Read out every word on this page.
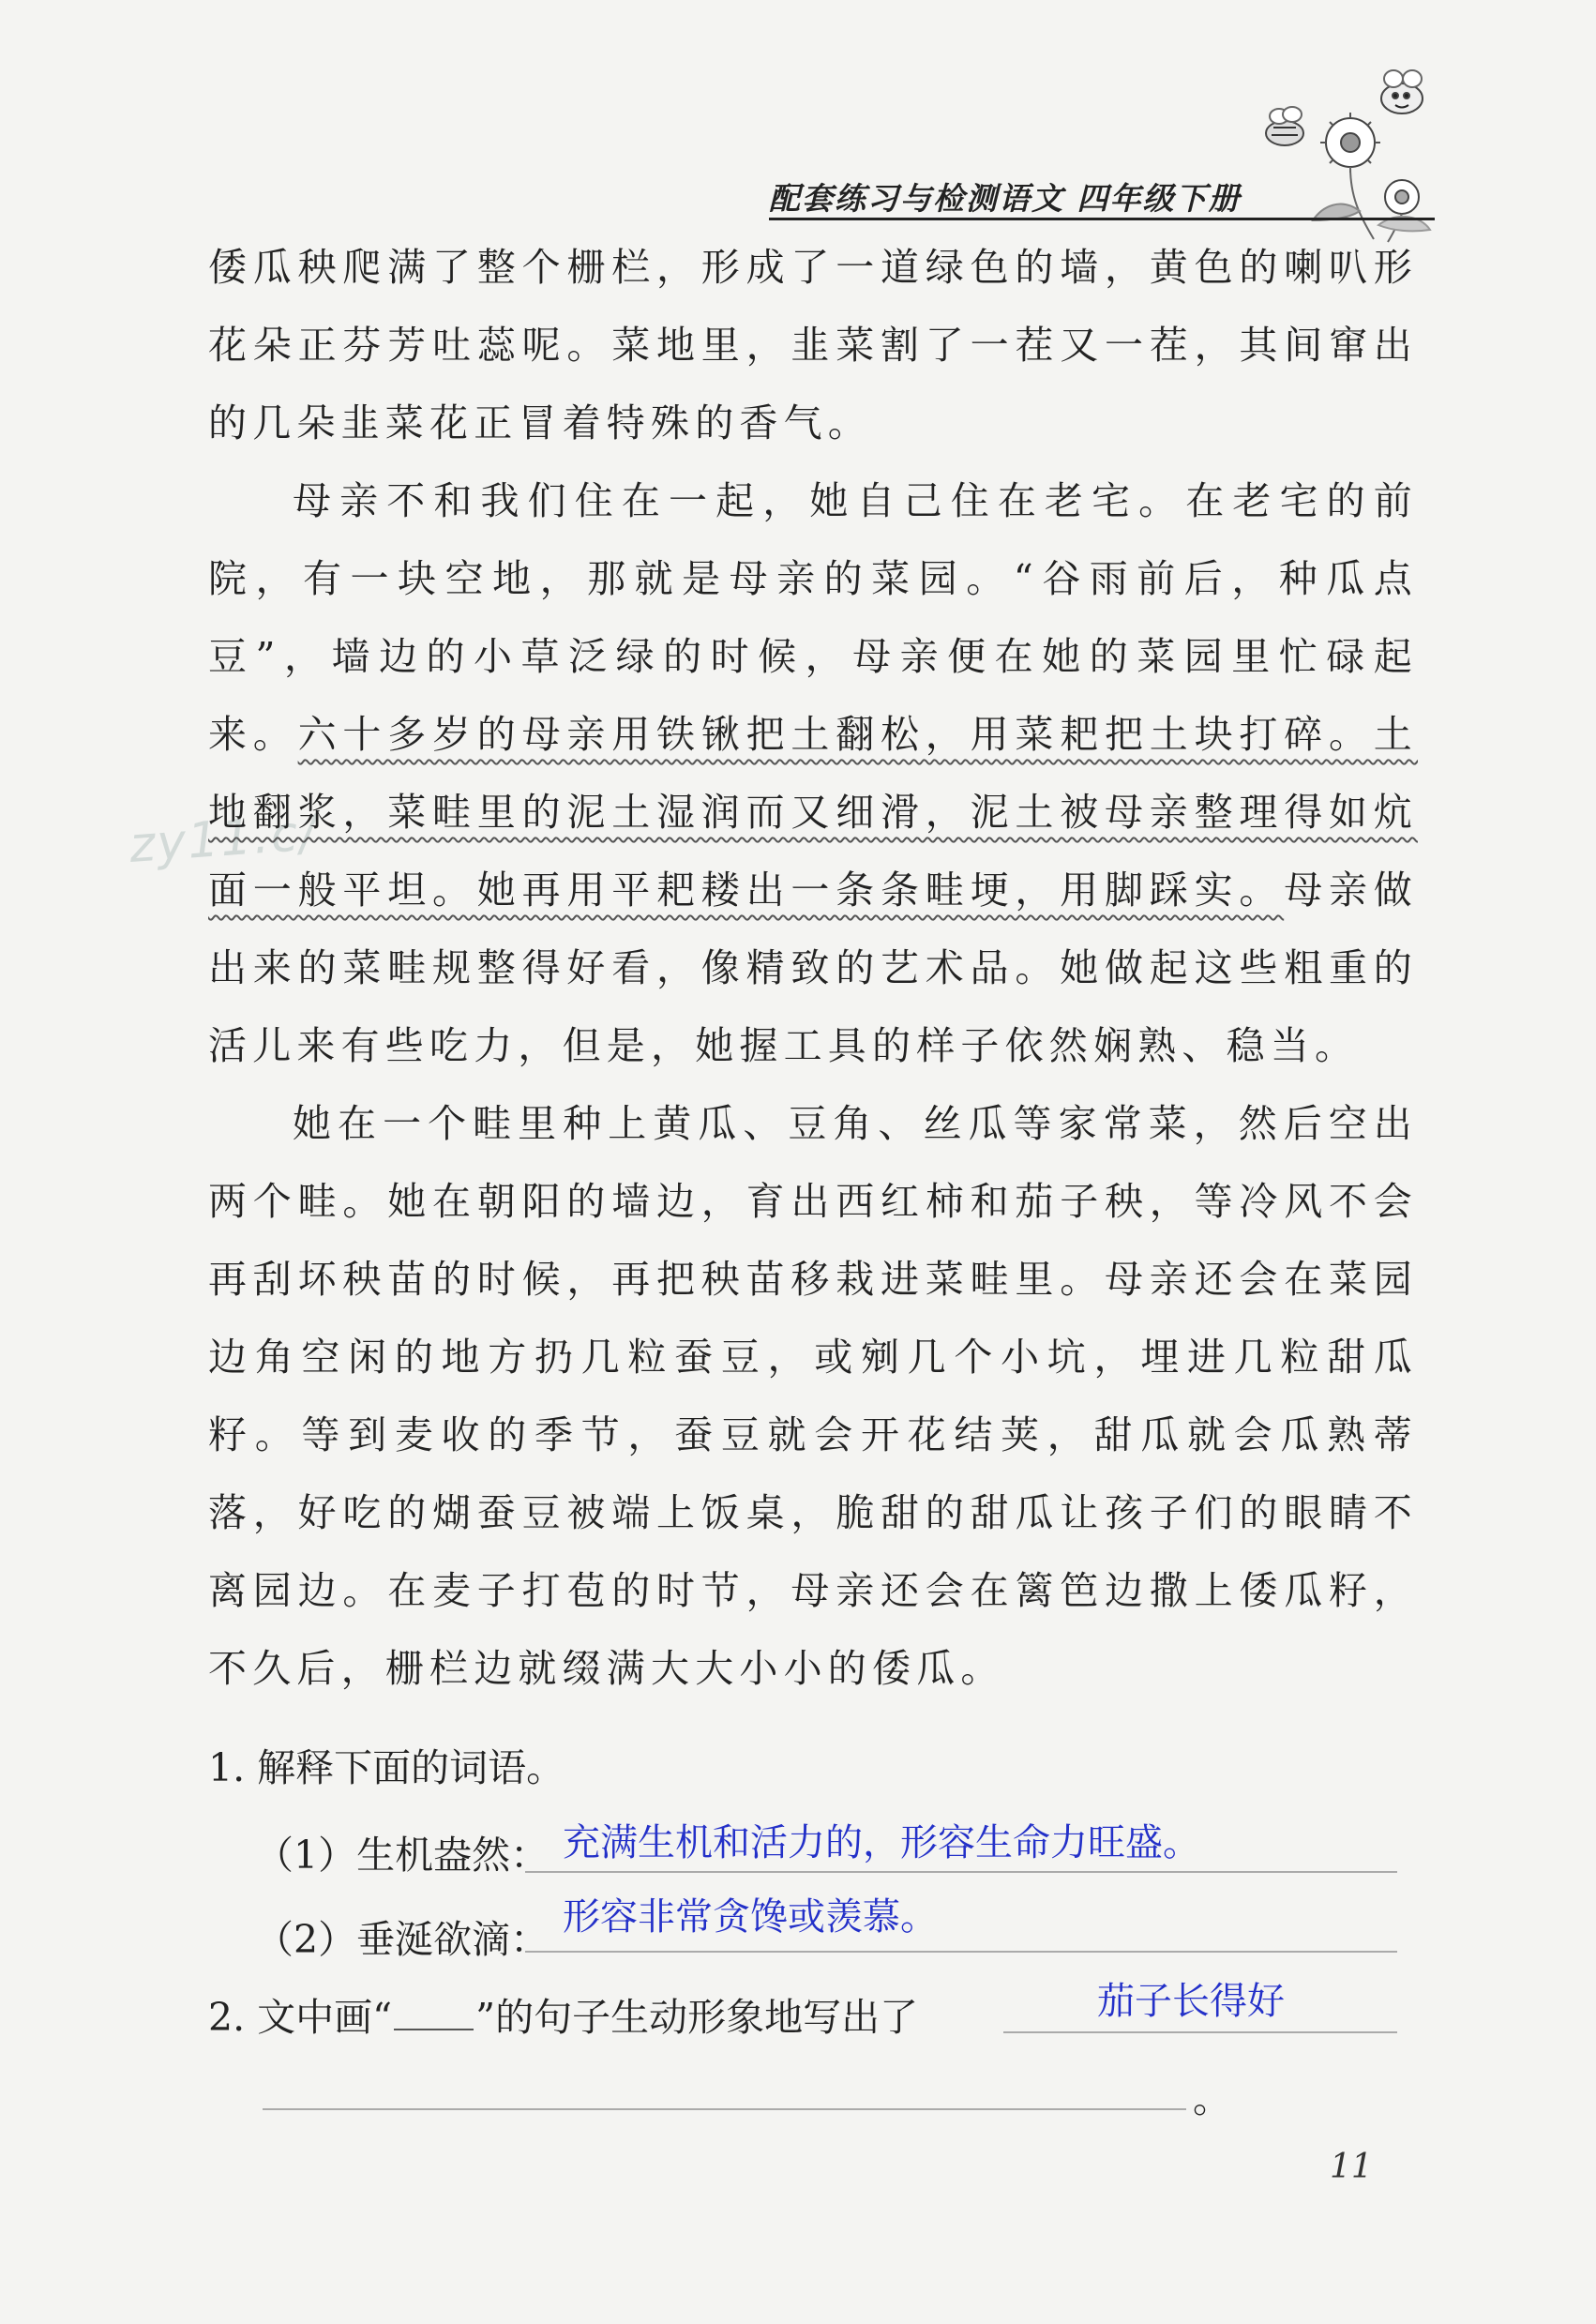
配套练习与检测语文 四年级下册
zy11.c/

倭瓜秧爬满了整个栅栏，形成了一道绿色的墙，黄色的喇叭形花朵正芬芳吐蕊呢。菜地里，韭菜割了一茬又一茬，其间窜出的几朵韭菜花正冒着特殊的香气。

母亲不和我们住在一起，她自己住在老宅。在老宅的前院，有一块空地，那就是母亲的菜园。“谷雨前后，种瓜点豆”，墙边的小草泛绿的时候，母亲便在她的菜园里忙碌起来。六十多岁的母亲用铁锹把土翻松，用菜耙把土块打碎。土地翻浆，菜畦里的泥土湿润而又细滑，泥土被母亲整理得如炕面一般平坦。她再用平耙耧出一条条畦埂，用脚踩实。母亲做出来的菜畦规整得好看，像精致的艺术品。她做起这些粗重的活儿来有些吃力，但是，她握工具的样子依然娴熟、稳当。

她在一个畦里种上黄瓜、豆角、丝瓜等家常菜，然后空出两个畦。她在朝阳的墙边，育出西红柿和茄子秧，等冷风不会再刮坏秧苗的时候，再把秧苗移栽进菜畦里。母亲还会在菜园边角空闲的地方扔几粒蚕豆，或剜几个小坑，埋进几粒甜瓜籽。等到麦收的季节，蚕豆就会开花结荚，甜瓜就会瓜熟蒂落，好吃的煳蚕豆被端上饭桌，脆甜的甜瓜让孩子们的眼睛不离园边。在麦子打苞的时节，母亲还会在篱笆边撒上倭瓜籽，不久后，栅栏边就缀满大大小小的倭瓜。

1. 解释下面的词语。
（1）生机盎然： 充满生机和活力的，形容生命力旺盛。
（2）垂涎欲滴： 形容非常贪馋或羡慕。
2. 文中画“ ”的句子生动形象地写出了	茄子长得好
。
11
